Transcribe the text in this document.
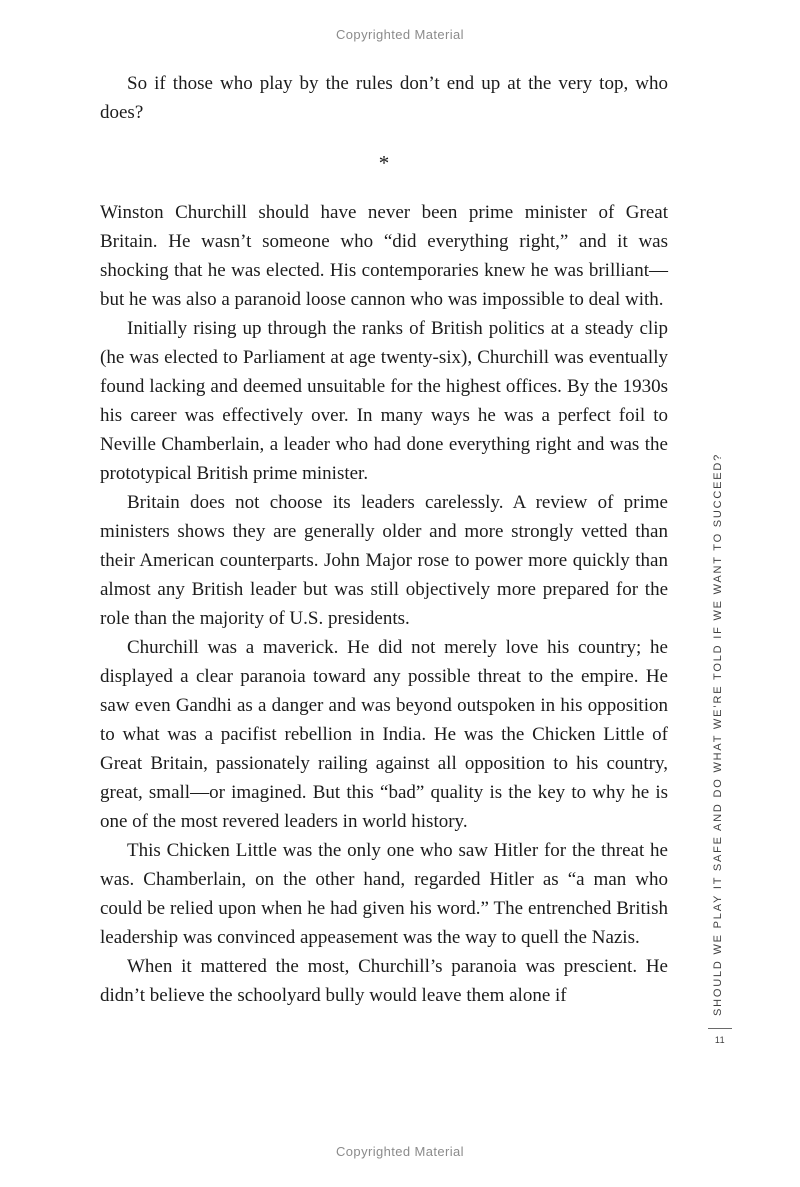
Copyrighted Material

So if those who play by the rules don’t end up at the very top, who does?

*

Winston Churchill should have never been prime minister of Great Britain. He wasn’t someone who “did everything right,” and it was shocking that he was elected. His contemporaries knew he was brilliant—but he was also a paranoid loose cannon who was impossible to deal with.

Initially rising up through the ranks of British politics at a steady clip (he was elected to Parliament at age twenty-six), Churchill was eventually found lacking and deemed unsuitable for the highest offices. By the 1930s his career was effectively over. In many ways he was a perfect foil to Neville Chamberlain, a leader who had done everything right and was the prototypical British prime minister.

Britain does not choose its leaders carelessly. A review of prime ministers shows they are generally older and more strongly vetted than their American counterparts. John Major rose to power more quickly than almost any British leader but was still objectively more prepared for the role than the majority of U.S. presidents.

Churchill was a maverick. He did not merely love his country; he displayed a clear paranoia toward any possible threat to the empire. He saw even Gandhi as a danger and was beyond outspoken in his opposition to what was a pacifist rebellion in India. He was the Chicken Little of Great Britain, passionately railing against all opposition to his country, great, small—or imagined. But this “bad” quality is the key to why he is one of the most revered leaders in world history.

This Chicken Little was the only one who saw Hitler for the threat he was. Chamberlain, on the other hand, regarded Hitler as “a man who could be relied upon when he had given his word.” The entrenched British leadership was convinced appeasement was the way to quell the Nazis.

When it mattered the most, Churchill’s paranoia was prescient. He didn’t believe the schoolyard bully would leave them alone if	SHOULD WE PLAY IT SAFE AND DO WHAT WE’RE TOLD IF WE WANT TO SUCCEED?
11
Copyrighted Material
